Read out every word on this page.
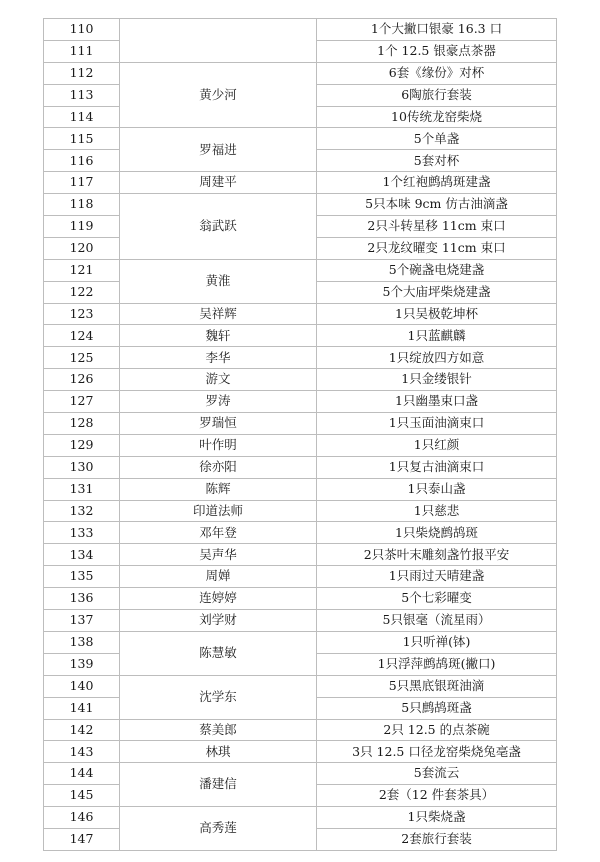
110		1个大撇口银豪 16.3 口
111		1个 12.5 银豪点茶器
112	黄少河	6套《缘份》对杯
113		6陶旅行套装
114		10传统龙窑柴烧
115	罗福进	5个单盏
116		5套对杯
117	周建平	1个红袍鹧鸪斑建盏
118	翁武跃	5只本味 9cm 仿古油滴盏
119		2只斗转星移 11cm 束口
120		2只龙纹曜变 11cm 束口
121	黄淮	5个碗盏电烧建盏
122		5个大庙坪柴烧建盏
123	吴祥辉	1只吴极乾坤杯
124	魏轩	1只蓝麒麟
125	李华	1只绽放四方如意
126	游文	1只金缕银针
127	罗涛	1只幽墨束口盏
128	罗瑞恒	1只玉面油滴束口
129	叶作明	1只红颜
130	徐亦阳	1只复古油滴束口
131	陈辉	1只泰山盏
132	印道法师	1只慈悲
133	邓年登	1只柴烧鹧鸪斑
134	吴声华	2只茶叶末雕刻盏竹报平安
135	周婵	1只雨过天晴建盏
136	连婷婷	5个七彩曜变
137	刘学财	5只银毫（流星雨）
138	陈慧敏	1只听禅(钵)
139		1只浮萍鹧鸪斑(撇口)
140	沈学东	5只黑底银斑油滴
141		5只鹧鸪斑盏
142	蔡美郎	2只 12.5 的点茶碗
143	林琪	3只 12.5 口径龙窑柴烧兔亳盏
144	潘建信	5套流云
145		2套（12 件套茶具）
146	高秀莲	1只柴烧盏
147		2套旅行套装
